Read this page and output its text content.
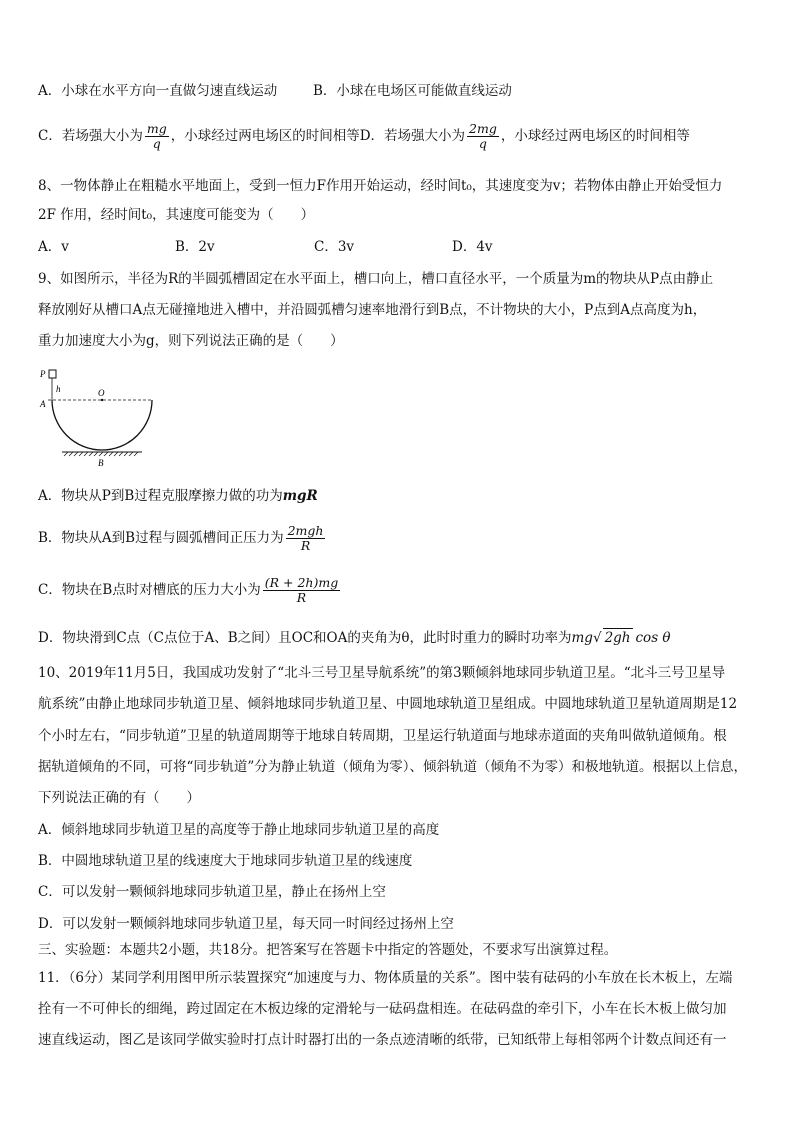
A．小球在水平方向一直做匀速直线运动	B．小球在电场区可能做直线运动
C．若场强大小为 $\frac{mg}{q}$ ，小球经过两电场区的时间相等D．若场强大小为 $\frac{2mg}{q}$ ，小球经过两电场区的时间相等
8、一物体静止在粗糙水平地面上，受到一恒力F作用开始运动，经时间t₀，其速度变为v；若物体由静止开始受恒力
2F 作用，经时间t₀，其速度可能变为（　　）
A．v	B．2v	C．3v	D．4v
9、如图所示，半径为R的半圆弧槽固定在水平面上，槽口向上，槽口直径水平，一个质量为m的物块从P点由静止
释放刚好从槽口A点无碰撞地进入槽中，并沿圆弧槽匀速率地滑行到B点，不计物块的大小，P点到A点高度为h，
重力加速度大小为g，则下列说法正确的是（　　）
P
h	O
A
B
A．物块从P到B过程克服摩擦力做的功为mgR
B．物块从A到B过程与圆弧槽间正压力为 $\frac{\text{2mgh}}{R}$
C．物块在B点时对槽底的压力大小为 $\frac{(R + 2h)mg}{R}$
D．物块滑到C点（C点位于A、B之间）且OC和OA的夹角为θ，此时时重力的瞬时功率为mg√ 2gh cos θ
10、2019年11月5日，我国成功发射了“北斗三号卫星导航系统”的第3颗倾斜地球同步轨道卫星。“北斗三号卫星导
航系统”由静止地球同步轨道卫星、倾斜地球同步轨道卫星、中圆地球轨道卫星组成。中圆地球轨道卫星轨道周期是12
个小时左右，“同步轨道”卫星的轨道周期等于地球自转周期，卫星运行轨道面与地球赤道面的夹角叫做轨道倾角。根
据轨道倾角的不同，可将“同步轨道”分为静止轨道（倾角为零）、倾斜轨道（倾角不为零）和极地轨道。根据以上信息，
下列说法正确的有（　　）
A．倾斜地球同步轨道卫星的高度等于静止地球同步轨道卫星的高度
B．中圆地球轨道卫星的线速度大于地球同步轨道卫星的线速度
C．可以发射一颗倾斜地球同步轨道卫星，静止在扬州上空
D．可以发射一颗倾斜地球同步轨道卫星，每天同一时间经过扬州上空
三、实验题：本题共2小题，共18分。把答案写在答题卡中指定的答题处，不要求写出演算过程。
11．（6分）某同学利用图甲所示装置探究“加速度与力、物体质量的关系”。图中装有砝码的小车放在长木板上，左端
拴有一不可伸长的细绳，跨过固定在木板边缘的定滑轮与一砝码盘相连。在砝码盘的牵引下，小车在长木板上做匀加
速直线运动，图乙是该同学做实验时打点计时器打出的一条点迹清晰的纸带，已知纸带上每相邻两个计数点间还有一
